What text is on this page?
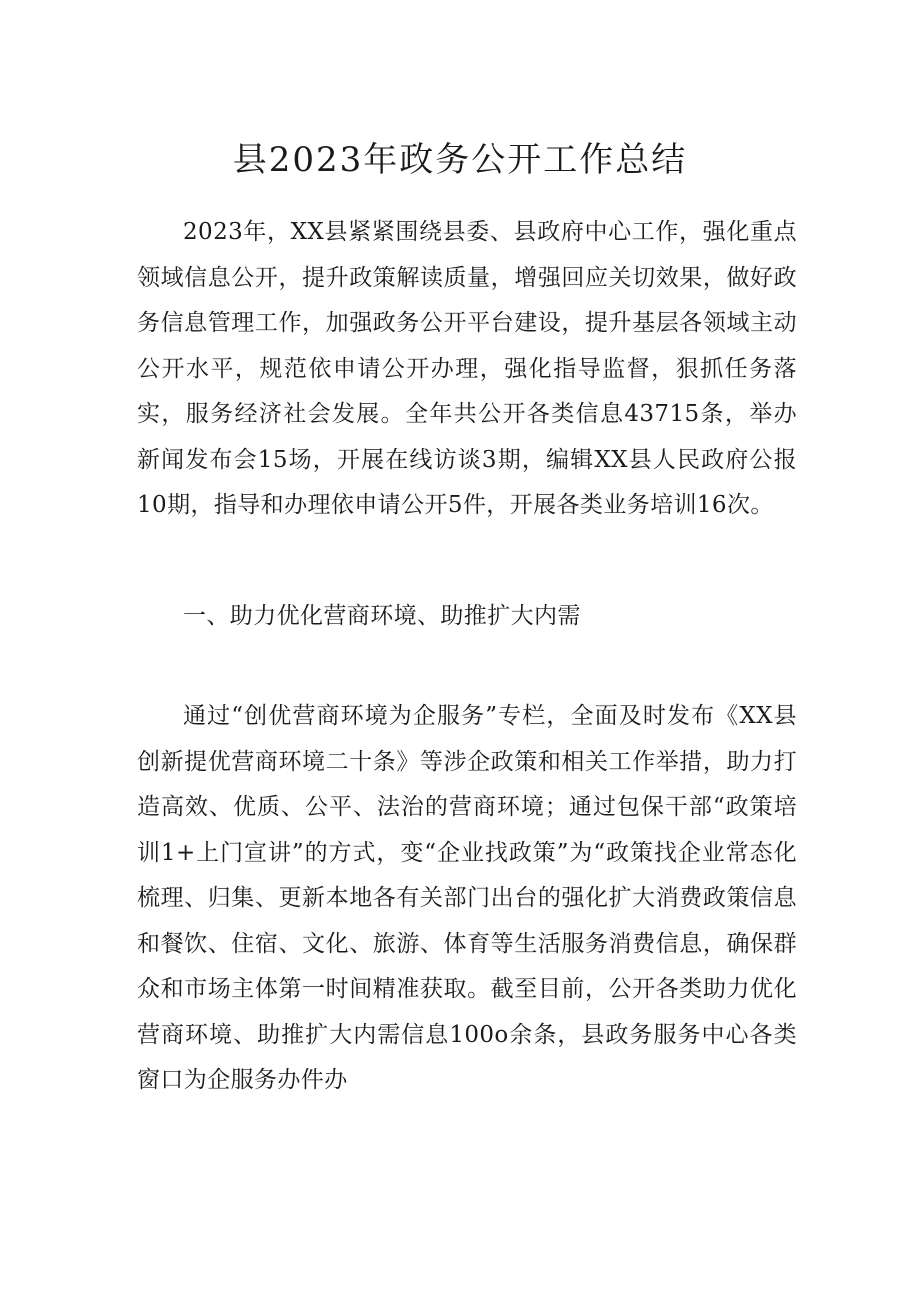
县2023年政务公开工作总结

2023年，XX县紧紧围绕县委、县政府中心工作，强化重点领域信息公开，提升政策解读质量，增强回应关切效果，做好政务信息管理工作，加强政务公开平台建设，提升基层各领域主动公开水平，规范依申请公开办理，强化指导监督，狠抓任务落实，服务经济社会发展。全年共公开各类信息43715条，举办新闻发布会15场，开展在线访谈3期，编辑XX县人民政府公报10期，指导和办理依申请公开5件，开展各类业务培训16次。

一、助力优化营商环境、助推扩大内需

通过“创优营商环境为企服务”专栏，全面及时发布《XX县创新提优营商环境二十条》等涉企政策和相关工作举措，助力打造高效、优质、公平、法治的营商环境；通过包保干部“政策培训1+上门宣讲”的方式，变“企业找政策”为“政策找企业常态化梳理、归集、更新本地各有关部门出台的强化扩大消费政策信息和餐饮、住宿、文化、旅游、体育等生活服务消费信息，确保群众和市场主体第一时间精准获取。截至目前，公开各类助力优化营商环境、助推扩大内需信息100o余条，县政务服务中心各类窗口为企服务办件办
